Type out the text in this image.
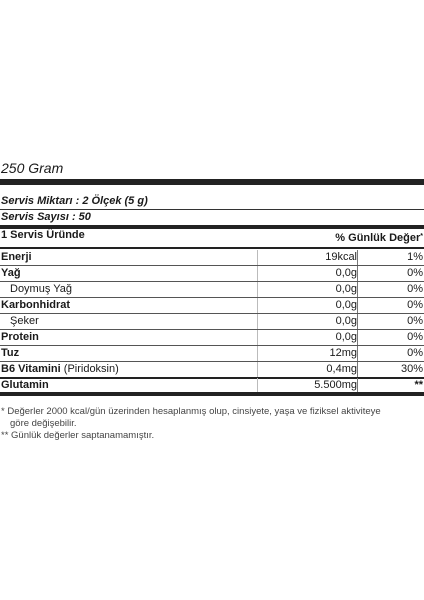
250 Gram
Servis Miktarı : 2 Ölçek (5 g)
Servis Sayısı : 50
1 Servis Üründe	% Günlük Değer*
Enerji	19kcal	1%
Yağ	0,0g	0%
Doymuş Yağ	0,0g	0%
Karbonhidrat	0,0g	0%
Şeker	0,0g	0%
Protein	0,0g	0%
Tuz	12mg	0%
B6 Vitamini (Piridoksin)	0,4mg	30%
Glutamin	5.500mg	**
* Değerler 2000 kcal/gün üzerinden hesaplanmış olup, cinsiyete, yaşa ve fiziksel aktiviteye
göre değişebilir.
** Günlük değerler saptanamamıştır.
